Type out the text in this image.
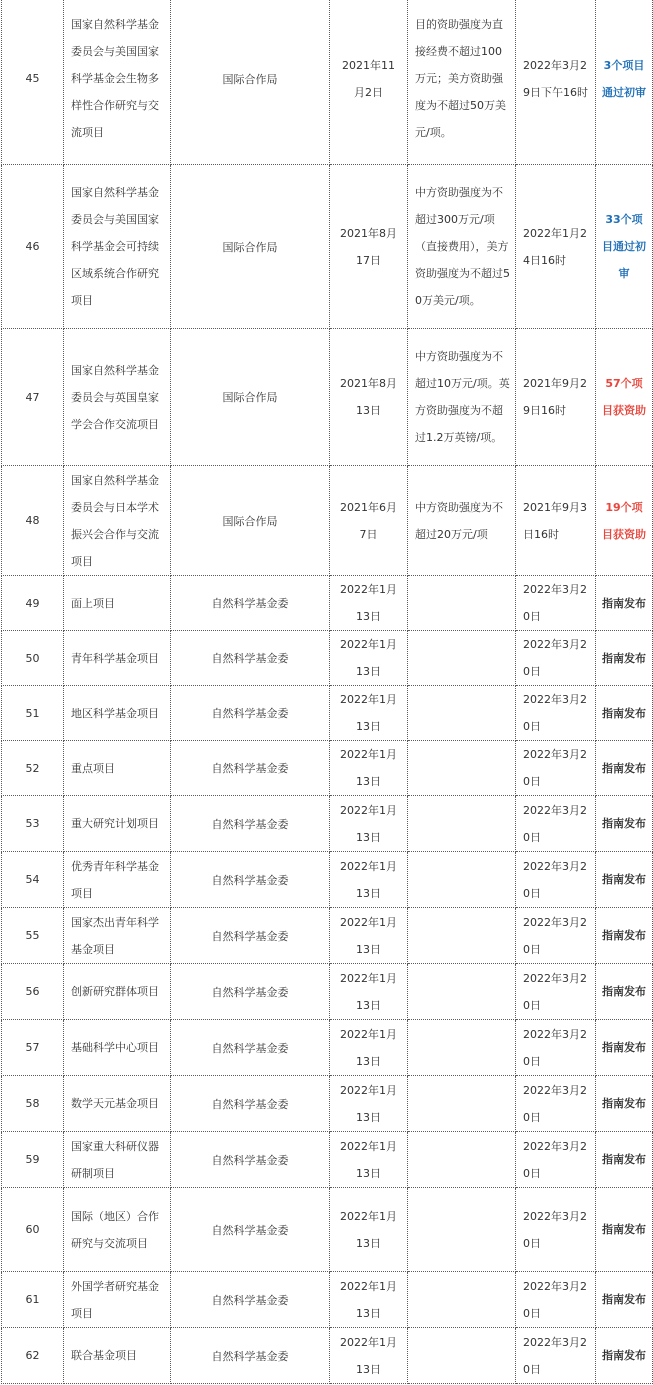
45	国家自然科学基金委员会与美国国家科学基金会生物多样性合作研究与交流项目	国际合作局	2021年11月2日	目的资助强度为直接经费不超过100万元；美方资助强度为不超过50万美元/项。	2022年3月29日下午16时	3个项目通过初审

46	国家自然科学基金委员会与美国国家科学基金会可持续区域系统合作研究项目	国际合作局	2021年8月17日	中方资助强度为不超过300万元/项（直接费用），美方资助强度为不超过50万美元/项。	2022年1月24日16时	33个项目通过初审

47	国家自然科学基金委员会与英国皇家学会合作交流项目	国际合作局	2021年8月13日	中方资助强度为不超过10万元/项。英方资助强度为不超过1.2万英镑/项。	2021年9月29日16时	57个项目获资助

48	国家自然科学基金委员会与日本学术振兴会合作与交流项目	国际合作局	2021年6月7日	中方资助强度为不超过20万元/项	2021年9月3日16时	19个项目获资助

49	面上项目	自然科学基金委	2022年1月13日		2022年3月20日	指南发布

50	青年科学基金项目	自然科学基金委	2022年1月13日		2022年3月20日	指南发布

51	地区科学基金项目	自然科学基金委	2022年1月13日		2022年3月20日	指南发布

52	重点项目	自然科学基金委	2022年1月13日		2022年3月20日	指南发布

53	重大研究计划项目	自然科学基金委	2022年1月13日		2022年3月20日	指南发布

54	优秀青年科学基金项目	自然科学基金委	2022年1月13日		2022年3月20日	指南发布

55	国家杰出青年科学基金项目	自然科学基金委	2022年1月13日		2022年3月20日	指南发布

56	创新研究群体项目	自然科学基金委	2022年1月13日		2022年3月20日	指南发布

57	基础科学中心项目	自然科学基金委	2022年1月13日		2022年3月20日	指南发布

58	数学天元基金项目	自然科学基金委	2022年1月13日		2022年3月20日	指南发布

59	国家重大科研仪器研制项目	自然科学基金委	2022年1月13日		2022年3月20日	指南发布

60	国际（地区）合作研究与交流项目	自然科学基金委	2022年1月13日		2022年3月20日	指南发布

61	外国学者研究基金项目	自然科学基金委	2022年1月13日		2022年3月20日	指南发布

62	联合基金项目	自然科学基金委	2022年1月13日		2022年3月20日	指南发布
